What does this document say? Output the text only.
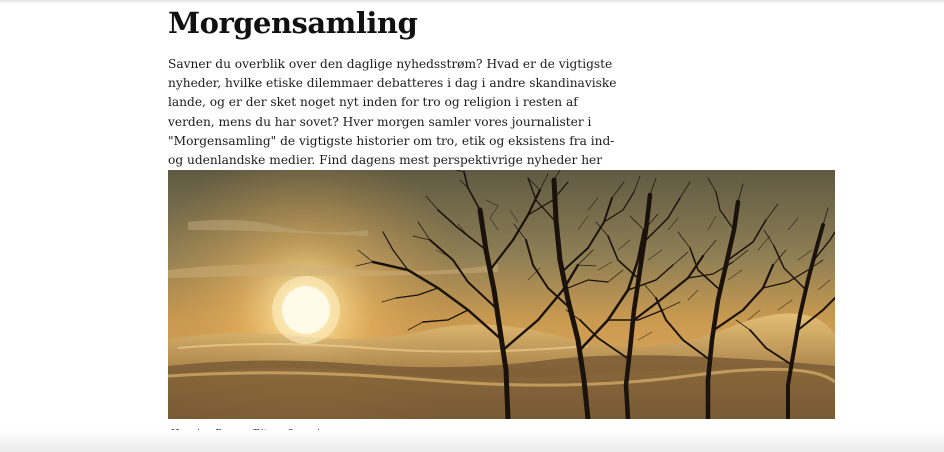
Morgensamling

Savner du overblik over den daglige nyhedsstrøm? Hvad er de vigtigste nyheder, hvilke etiske dilemmaer debatteres i dag i andre skandinaviske lande, og er der sket noget nyt inden for tro og religion i resten af verden, mens du har sovet? Hver morgen samler vores journalister i "Morgensamling" de vigtigste historier om tro, etik og eksistens fra ind- og udenlandske medier. Find dagens mest perspektivrige nyheder her
